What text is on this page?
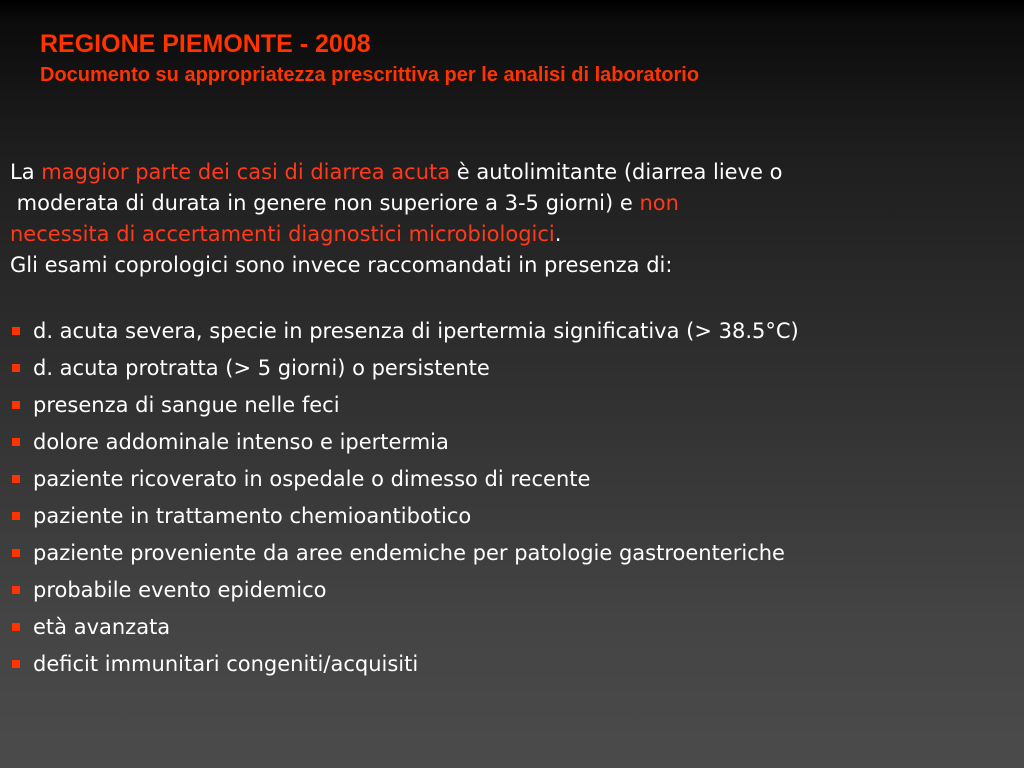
REGIONE PIEMONTE - 2008
Documento su appropriatezza prescrittiva per le analisi di laboratorio
La maggior parte dei casi di diarrea acuta è autolimitante (diarrea lieve o
moderata di durata in genere non superiore a 3-5 giorni) e non
necessita di accertamenti diagnostici microbiologici.
Gli esami coprologici sono invece raccomandati in presenza di:
d. acuta severa, specie in presenza di ipertermia significativa (> 38.5°C)
d. acuta protratta (> 5 giorni) o persistente
presenza di sangue nelle feci
dolore addominale intenso e ipertermia
paziente ricoverato in ospedale o dimesso di recente
paziente in trattamento chemioantibotico
paziente proveniente da aree endemiche per patologie gastroenteriche
probabile evento epidemico
età avanzata
deficit immunitari congeniti/acquisiti
